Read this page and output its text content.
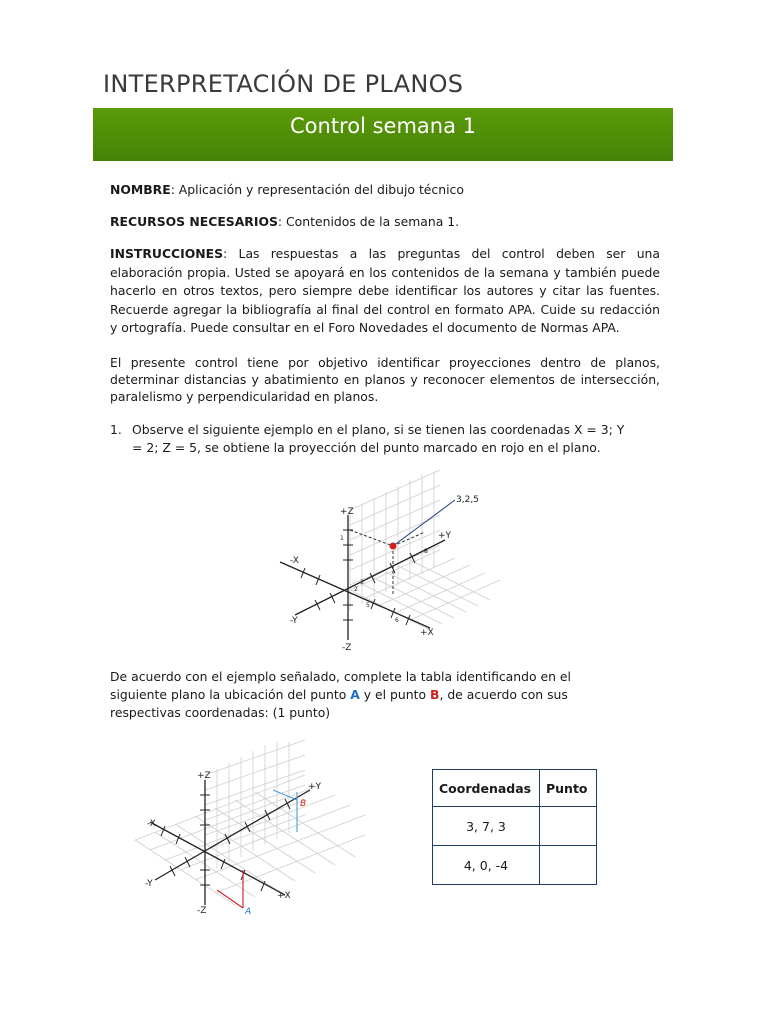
INTERPRETACIÓN DE PLANOS
Control semana 1
NOMBRE: Aplicación y representación del dibujo técnico
RECURSOS NECESARIOS: Contenidos de la semana 1.
INSTRUCCIONES: Las respuestas a las preguntas del control deben ser una elaboración propia. Usted se apoyará en los contenidos de la semana y también puede hacerlo en otros textos, pero siempre debe identificar los autores y citar las fuentes. Recuerde agregar la bibliografía al final del control en formato APA. Cuide su redacción y ortografía. Puede consultar en el Foro Novedades el documento de Normas APA.
El presente control tiene por objetivo identificar proyecciones dentro de planos, determinar distancias y abatimiento en planos y reconocer elementos de intersección, paralelismo y perpendicularidad en planos.
1. Observe el siguiente ejemplo en el plano, si se tienen las coordenadas X = 3; Y = 2; Z = 5, se obtiene la proyección del punto marcado en rojo en el plano.
3,2,5
+Z
-Z
+X
-X
+Y
-Y
1
2
3
5
6
8
De acuerdo con el ejemplo señalado, complete la tabla identificando en el siguiente plano la ubicación del punto A y el punto B, de acuerdo con sus respectivas coordenadas: (1 punto)
+Z
-Z
+X
-X
+Y
-Y
B
A
Coordenadas	Punto
3, 7, 3	
4, 0, -4	
